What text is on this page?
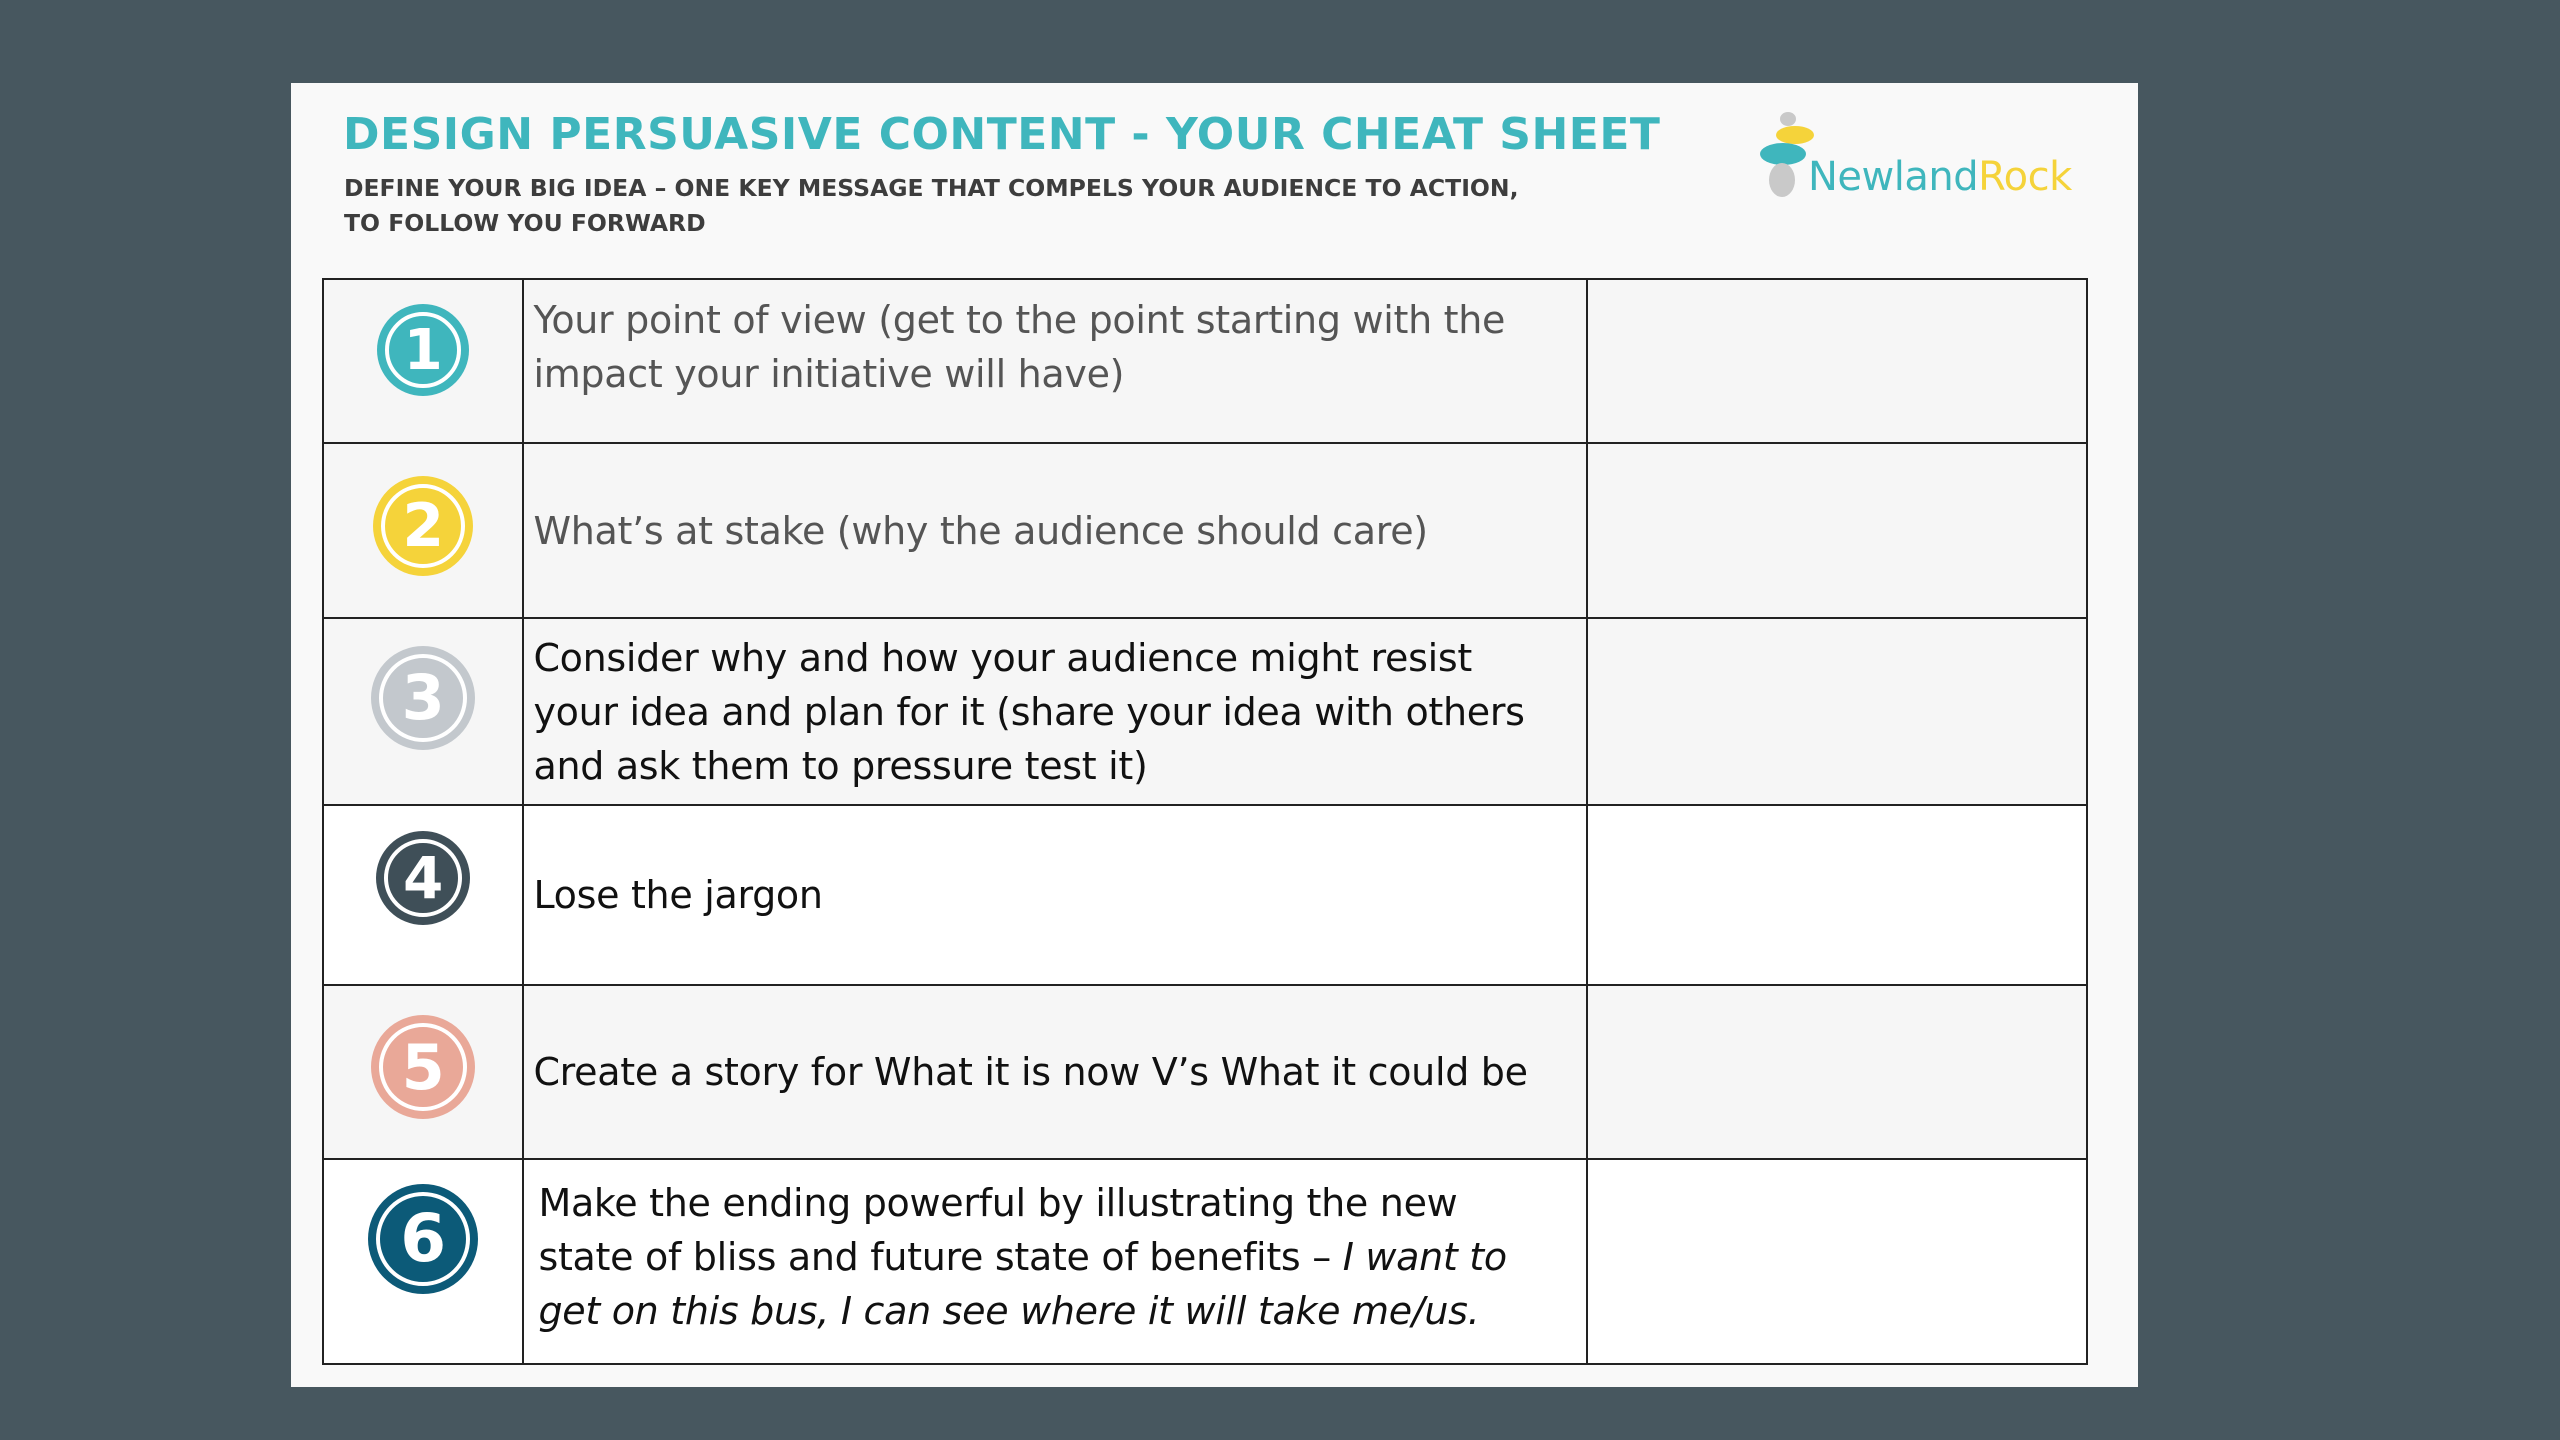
DESIGN PERSUASIVE CONTENT - YOUR CHEAT SHEET
DEFINE YOUR BIG IDEA – ONE KEY MESSAGE THAT COMPELS YOUR AUDIENCE TO ACTION,
TO FOLLOW YOU FORWARD
NewlandRock
1	Your point of view (get to the point starting with the
impact your initiative will have)	

2	What’s at stake (why the audience should care)	

3	Consider why and how your audience might resist
your idea and plan for it (share your idea with others
and ask them to pressure test it)	

4	Lose the jargon	

5	Create a story for What it is now V’s What it could be	

6	Make the ending powerful by illustrating the new
state of bliss and future state of benefits – I want to
get on this bus, I can see where it will take me/us.	
